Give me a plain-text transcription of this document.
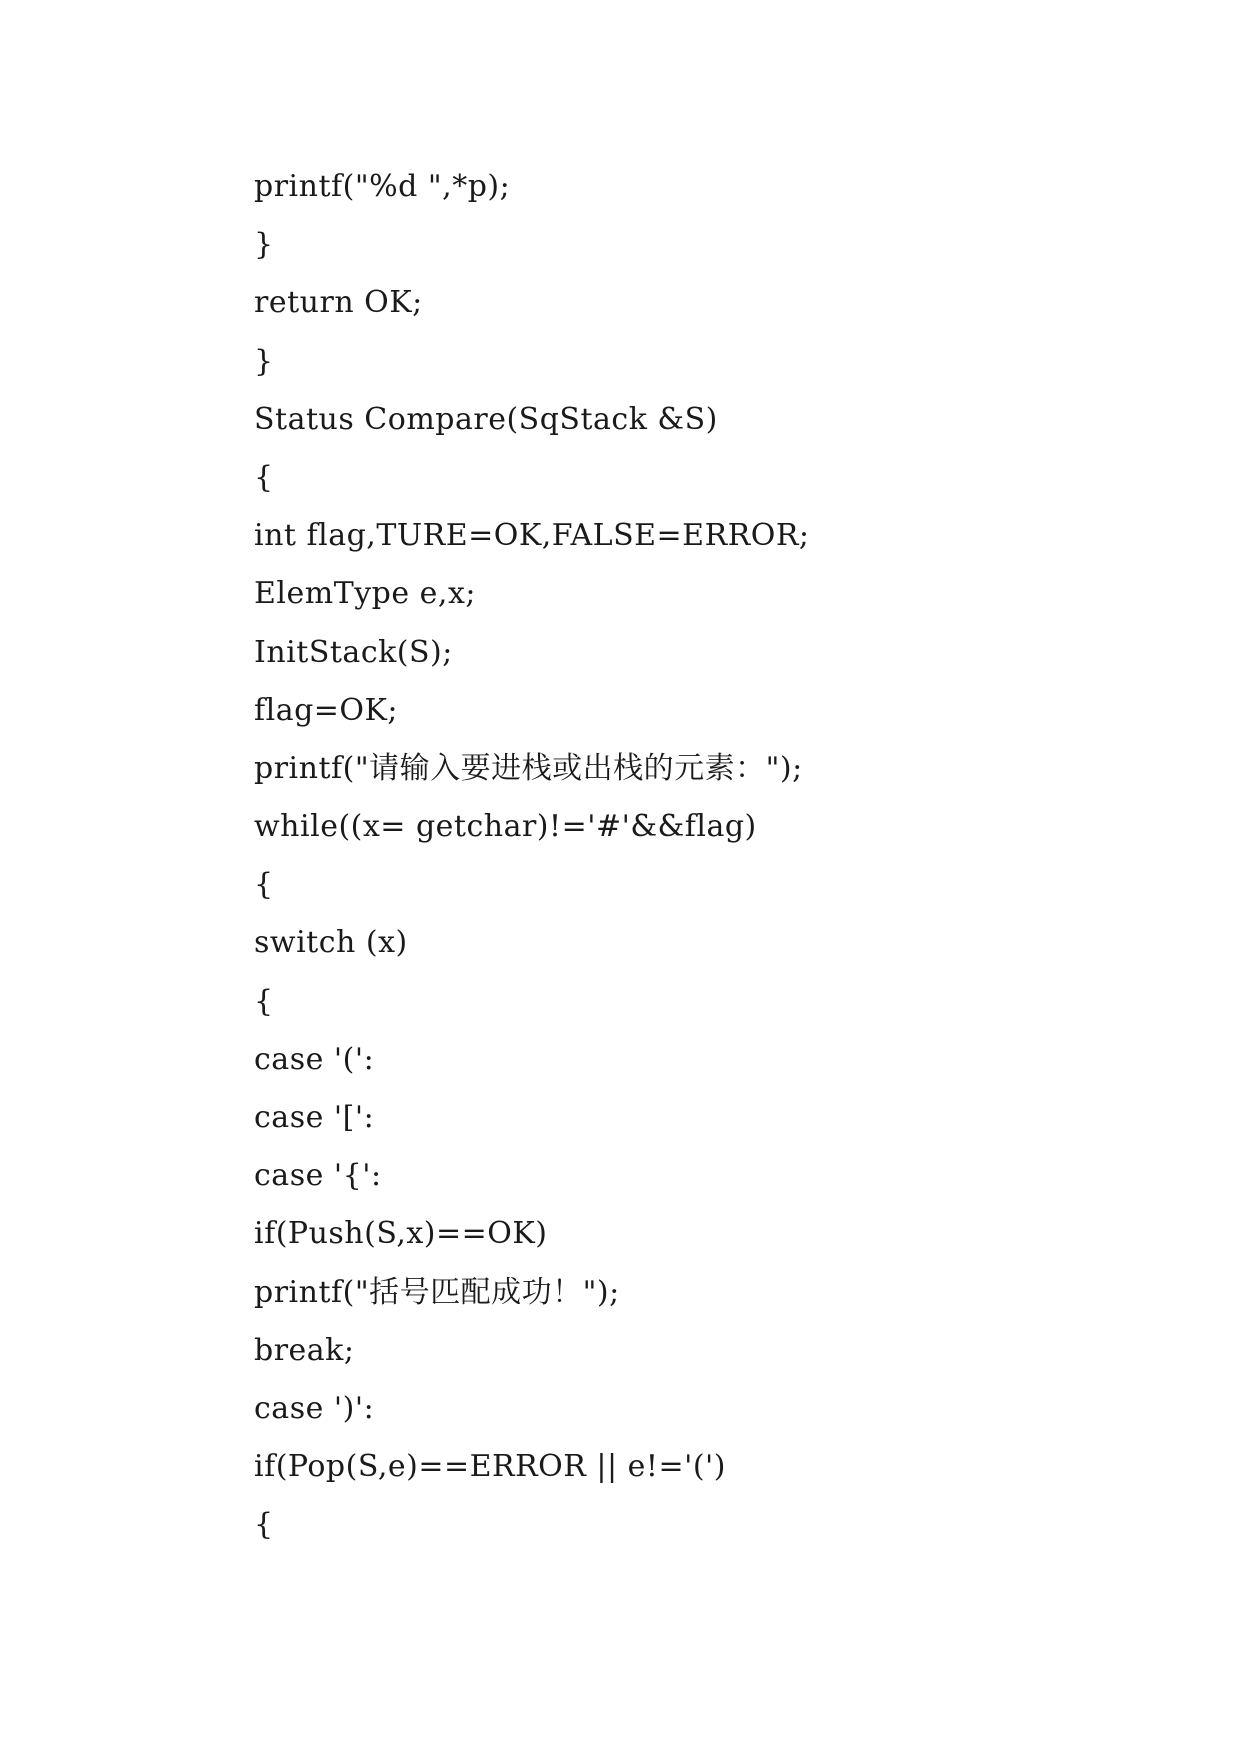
printf("%d ",*p);
}
return OK;
}
Status Compare(SqStack &S)
{
int flag,TURE=OK,FALSE=ERROR;
ElemType e,x;
InitStack(S);
flag=OK;
printf("请输入要进栈或出栈的元素：");
while((x= getchar)!='#'&&flag)
{
switch (x)
{
case '(':
case '[':
case '{':
if(Push(S,x)==OK)
printf("括号匹配成功！");
break;
case ')':
if(Pop(S,e)==ERROR || e!='(')
{
